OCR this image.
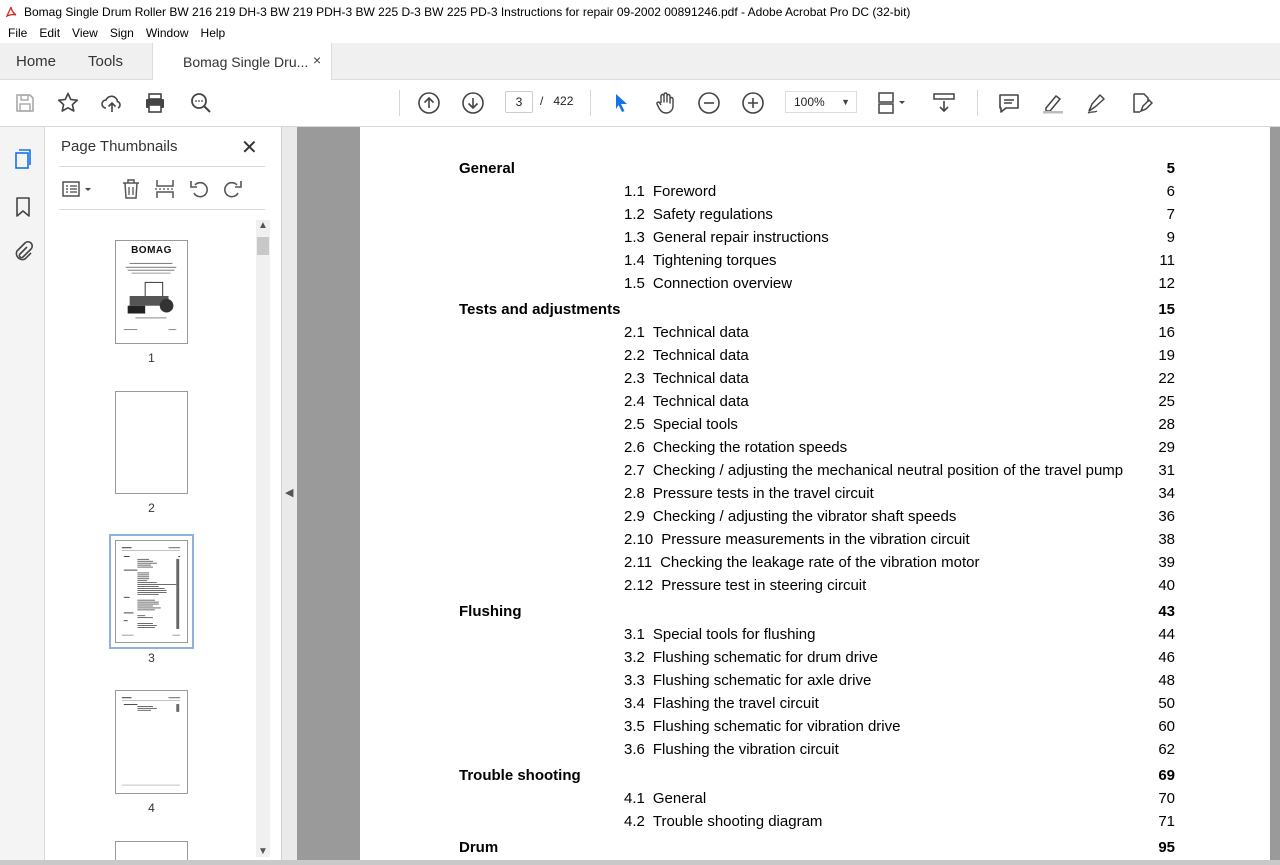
Bomag Single Drum Roller BW 216 219 DH-3 BW 219 PDH-3 BW 225 D-3 BW 225 PD-3 Instructions for repair 09-2002 00891246.pdf - Adobe Acrobat Pro DC (32-bit)
File	Edit	View	Sign	Window	Help
Home Tools	Bomag Single Dru... ×
3	/ 422	100% ▼
Page Thumbnails	✕
BOMAG
1
2
3
4
▲
▼
◀
General	5
1.1 Foreword	6
1.2 Safety regulations	7
1.3 General repair instructions	9
1.4 Tightening torques	11
1.5 Connection overview	12
Tests and adjustments	15
2.1 Technical data	16
2.2 Technical data	19
2.3 Technical data	22
2.4 Technical data	25
2.5 Special tools	28
2.6 Checking the rotation speeds	29
2.7 Checking / adjusting the mechanical neutral position of the travel pump 31
2.8 Pressure tests in the travel circuit	34
2.9 Checking / adjusting the vibrator shaft speeds	36
2.10 Pressure measurements in the vibration circuit	38
2.11 Checking the leakage rate of the vibration motor	39
2.12 Pressure test in steering circuit	40
Flushing	43
3.1 Special tools for flushing	44
3.2 Flushing schematic for drum drive	46
3.3 Flushing schematic for axle drive	48
3.4 Flashing the travel circuit	50
3.5 Flushing schematic for vibration drive	60
3.6 Flushing the vibration circuit	62
Trouble shooting	69
4.1 General	70
4.2 Trouble shooting diagram	71
Drum	95
